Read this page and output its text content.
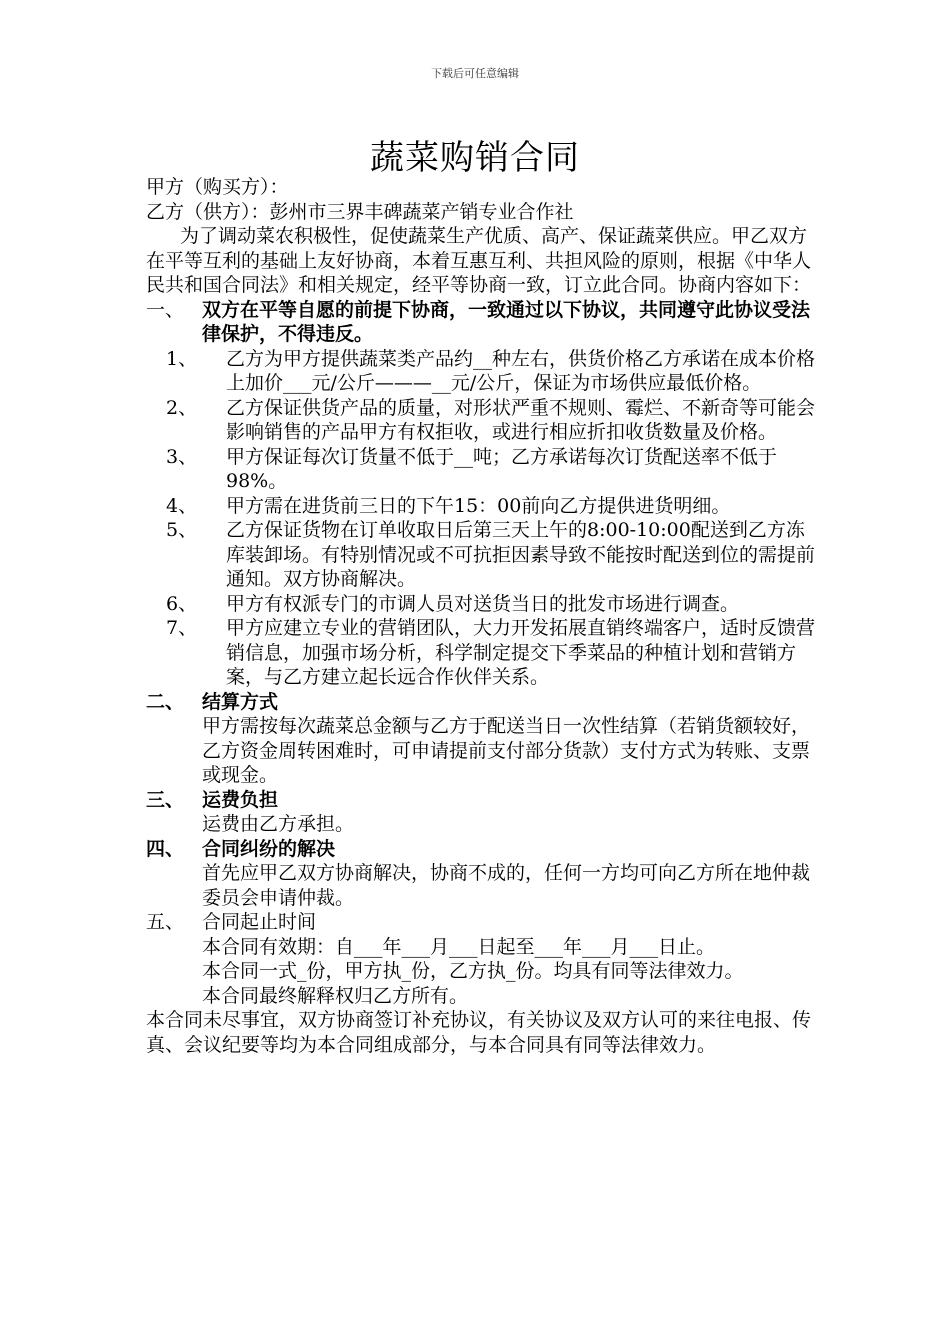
下载后可任意编辑
蔬菜购销合同
甲方（购买方）：
乙方（供方）：彭州市三界丰碑蔬菜产销专业合作社
为了调动菜农积极性，促使蔬菜生产优质、高产、保证蔬菜供应。甲乙双方在平等互利的基础上友好协商，本着互惠互利、共担风险的原则，根据《中华人民共和国合同法》和相关规定，经平等协商一致，订立此合同。协商内容如下：
一、 双方在平等自愿的前提下协商，一致通过以下协议，共同遵守此协议受法律保护，不得违反。
1、	乙方为甲方提供蔬菜类产品约__种左右，供货价格乙方承诺在成本价格上加价___元/公斤———__元/公斤，保证为市场供应最低价格。
2、	乙方保证供货产品的质量，对形状严重不规则、霉烂、不新奇等可能会影响销售的产品甲方有权拒收，或进行相应折扣收货数量及价格。
3、	甲方保证每次订货量不低于__吨；乙方承诺每次订货配送率不低于98%。
4、	甲方需在进货前三日的下午15：00前向乙方提供进货明细。
5、	乙方保证货物在订单收取日后第三天上午的8:00-10:00配送到乙方冻库装卸场。有特别情况或不可抗拒因素导致不能按时配送到位的需提前通知。双方协商解决。
6、	甲方有权派专门的市调人员对送货当日的批发市场进行调查。
7、	甲方应建立专业的营销团队，大力开发拓展直销终端客户，适时反馈营销信息，加强市场分析，科学制定提交下季菜品的种植计划和营销方案，与乙方建立起长远合作伙伴关系。
二、 结算方式
甲方需按每次蔬菜总金额与乙方于配送当日一次性结算（若销货额较好，乙方资金周转困难时，可申请提前支付部分货款）支付方式为转账、支票或现金。
三、 运费负担
运费由乙方承担。
四、 合同纠纷的解决
首先应甲乙双方协商解决，协商不成的，任何一方均可向乙方所在地仲裁委员会申请仲裁。
五、 合同起止时间
本合同有效期：自___年___月___日起至___年___月___日止。
本合同一式_份，甲方执_份，乙方执_份。均具有同等法律效力。
本合同最终解释权归乙方所有。
本合同未尽事宜，双方协商签订补充协议，有关协议及双方认可的来往电报、传真、会议纪要等均为本合同组成部分，与本合同具有同等法律效力。
